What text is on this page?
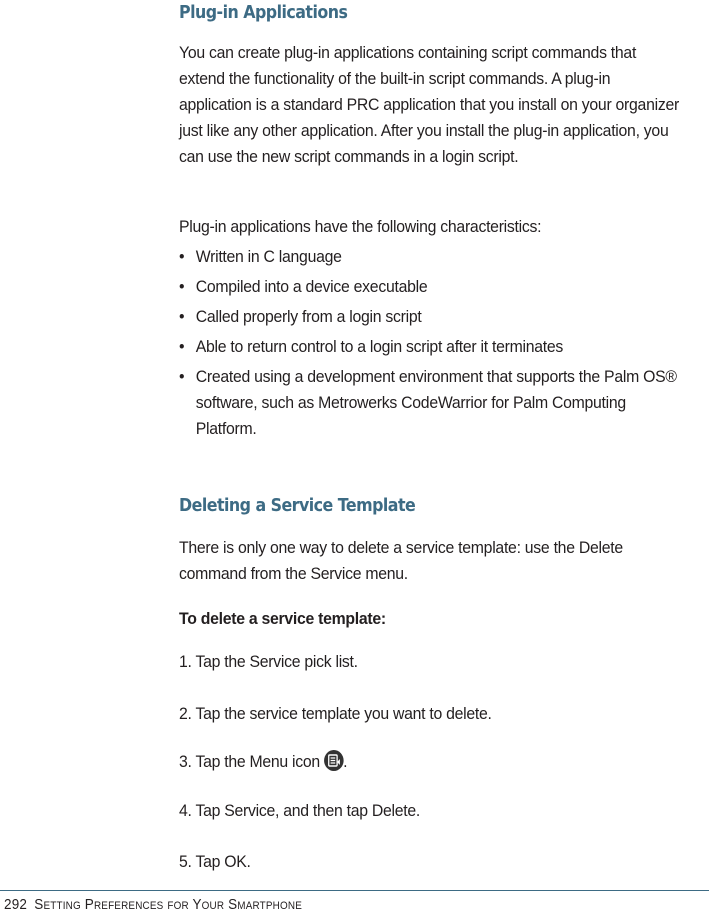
Plug-in Applications

You can create plug-in applications containing script commands that extend the functionality of the built-in script commands. A plug-in application is a standard PRC application that you install on your organizer just like any other application. After you install the plug-in application, you can use the new script commands in a login script.

Plug-in applications have the following characteristics:

• Written in C language
• Compiled into a device executable
• Called properly from a login script
• Able to return control to a login script after it terminates
• Created using a development environment that supports the Palm OS® software, such as Metrowerks CodeWarrior for Palm Computing Platform.
Deleting a Service Template

There is only one way to delete a service template: use the Delete command from the Service menu.

To delete a service template:
1. Tap the Service pick list.
2. Tap the service template you want to delete.
3. Tap the Menu icon .
4. Tap Service, and then tap Delete.
5. Tap OK.
292 Setting Preferences for Your Smartphone
